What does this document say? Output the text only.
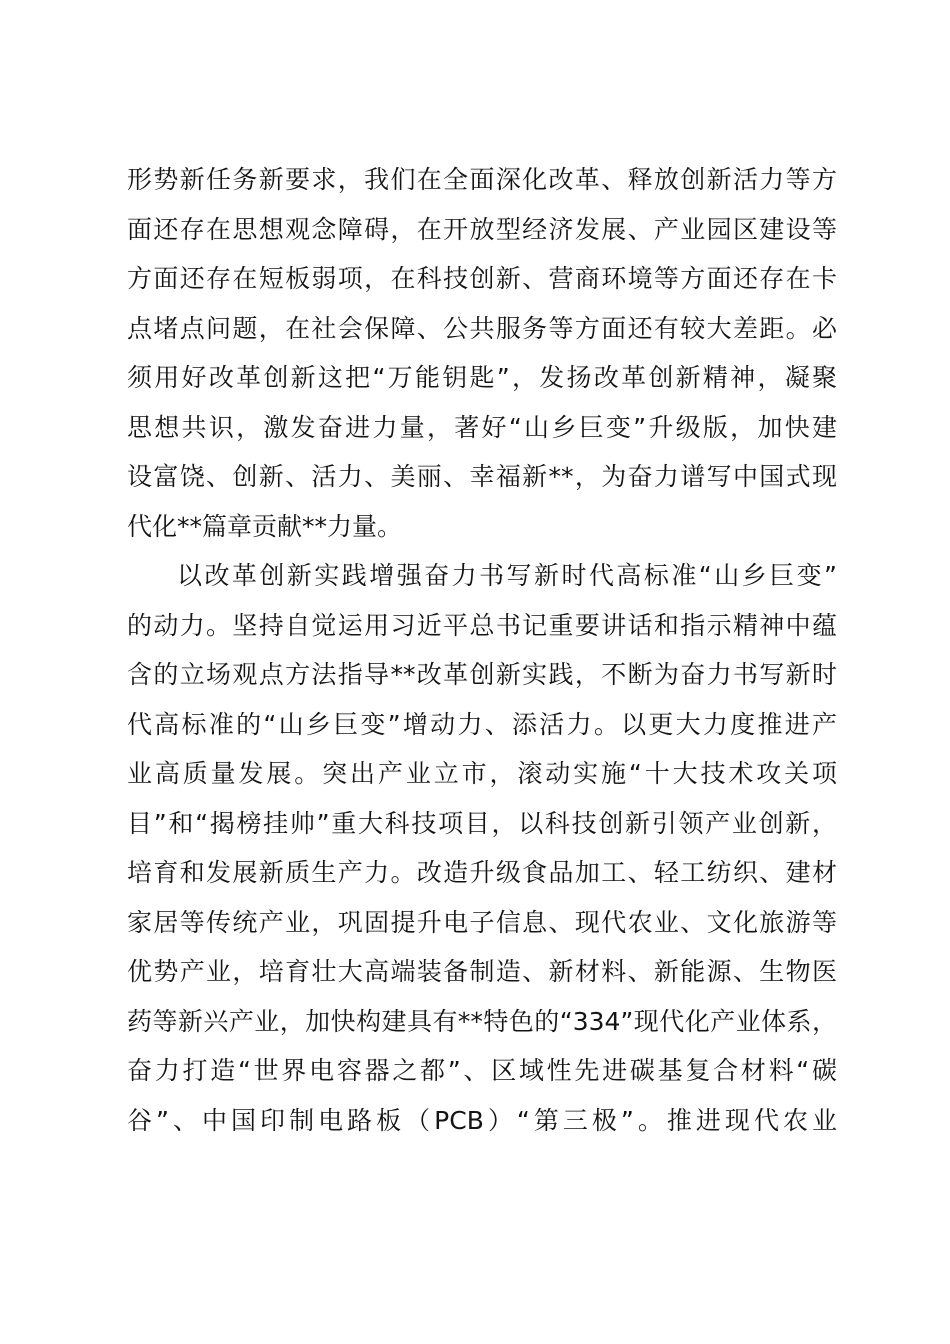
形势新任务新要求，我们在全面深化改革、释放创新活力等方
面还存在思想观念障碍，在开放型经济发展、产业园区建设等
方面还存在短板弱项，在科技创新、营商环境等方面还存在卡
点堵点问题，在社会保障、公共服务等方面还有较大差距。必
须用好改革创新这把“万能钥匙”，发扬改革创新精神，凝聚
思想共识，激发奋进力量，著好“山乡巨变”升级版，加快建
设富饶、创新、活力、美丽、幸福新**，为奋力谱写中国式现
代化**篇章贡献**力量。
以改革创新实践增强奋力书写新时代高标准“山乡巨变”
的动力。坚持自觉运用习近平总书记重要讲话和指示精神中蕴
含的立场观点方法指导**改革创新实践，不断为奋力书写新时
代高标准的“山乡巨变”增动力、添活力。以更大力度推进产
业高质量发展。突出产业立市，滚动实施“十大技术攻关项
目”和“揭榜挂帅”重大科技项目，以科技创新引领产业创新，
培育和发展新质生产力。改造升级食品加工、轻工纺织、建材
家居等传统产业，巩固提升电子信息、现代农业、文化旅游等
优势产业，培育壮大高端装备制造、新材料、新能源、生物医
药等新兴产业，加快构建具有**特色的“334”现代化产业体系，
奋力打造“世界电容器之都”、区域性先进碳基复合材料“碳
谷”、中国印制电路板（PCB）“第三极”。推进现代农业
